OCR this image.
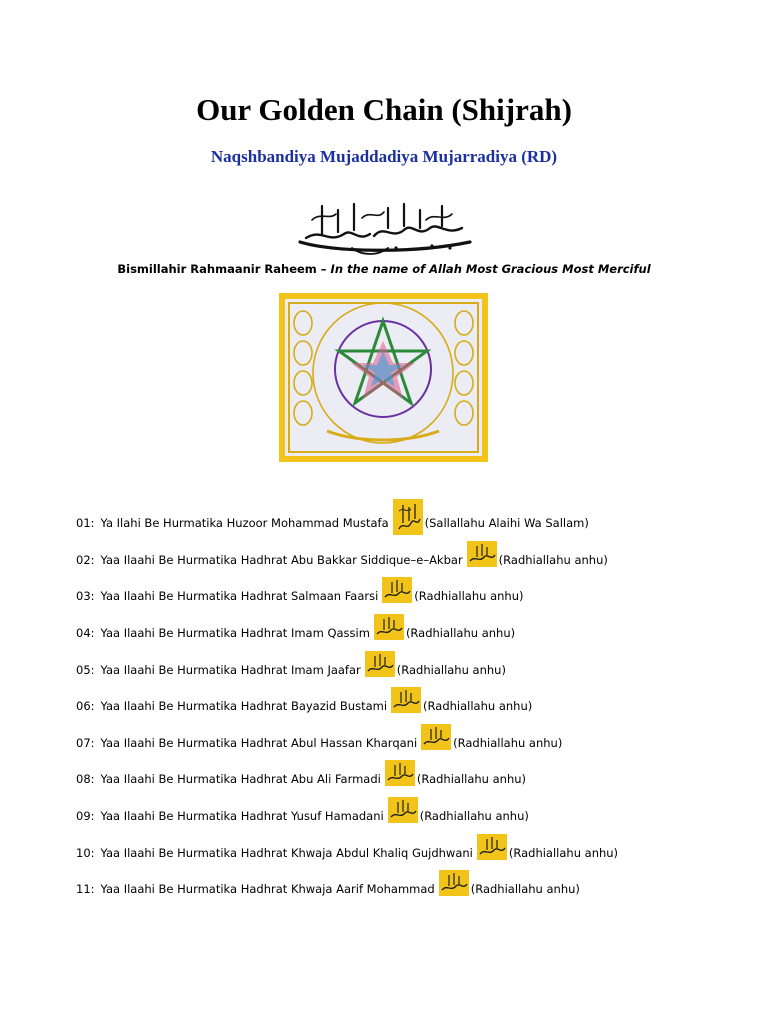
Our Golden Chain (Shijrah)
Naqshbandiya Mujaddadiya Mujarradiya (RD)
Bismillahir Rahmaanir Raheem – In the name of Allah Most Gracious Most Merciful
01: Ya Ilahi Be Hurmatika Huzoor Mohammad Mustafa	(Sallallahu Alaihi Wa Sallam)
02: Yaa Ilaahi Be Hurmatika Hadhrat Abu Bakkar Siddique–e–Akbar	(Radhiallahu anhu)
03: Yaa Ilaahi Be Hurmatika Hadhrat Salmaan Faarsi	(Radhiallahu anhu)
04: Yaa Ilaahi Be Hurmatika Hadhrat Imam Qassim	(Radhiallahu anhu)
05: Yaa Ilaahi Be Hurmatika Hadhrat Imam Jaafar	(Radhiallahu anhu)
06: Yaa Ilaahi Be Hurmatika Hadhrat Bayazid Bustami	(Radhiallahu anhu)
07: Yaa Ilaahi Be Hurmatika Hadhrat Abul Hassan Kharqani	(Radhiallahu anhu)
08: Yaa Ilaahi Be Hurmatika Hadhrat Abu Ali Farmadi	(Radhiallahu anhu)
09: Yaa Ilaahi Be Hurmatika Hadhrat Yusuf Hamadani	(Radhiallahu anhu)
10: Yaa Ilaahi Be Hurmatika Hadhrat Khwaja Abdul Khaliq Gujdhwani	(Radhiallahu anhu)
11: Yaa Ilaahi Be Hurmatika Hadhrat Khwaja Aarif Mohammad	(Radhiallahu anhu)
